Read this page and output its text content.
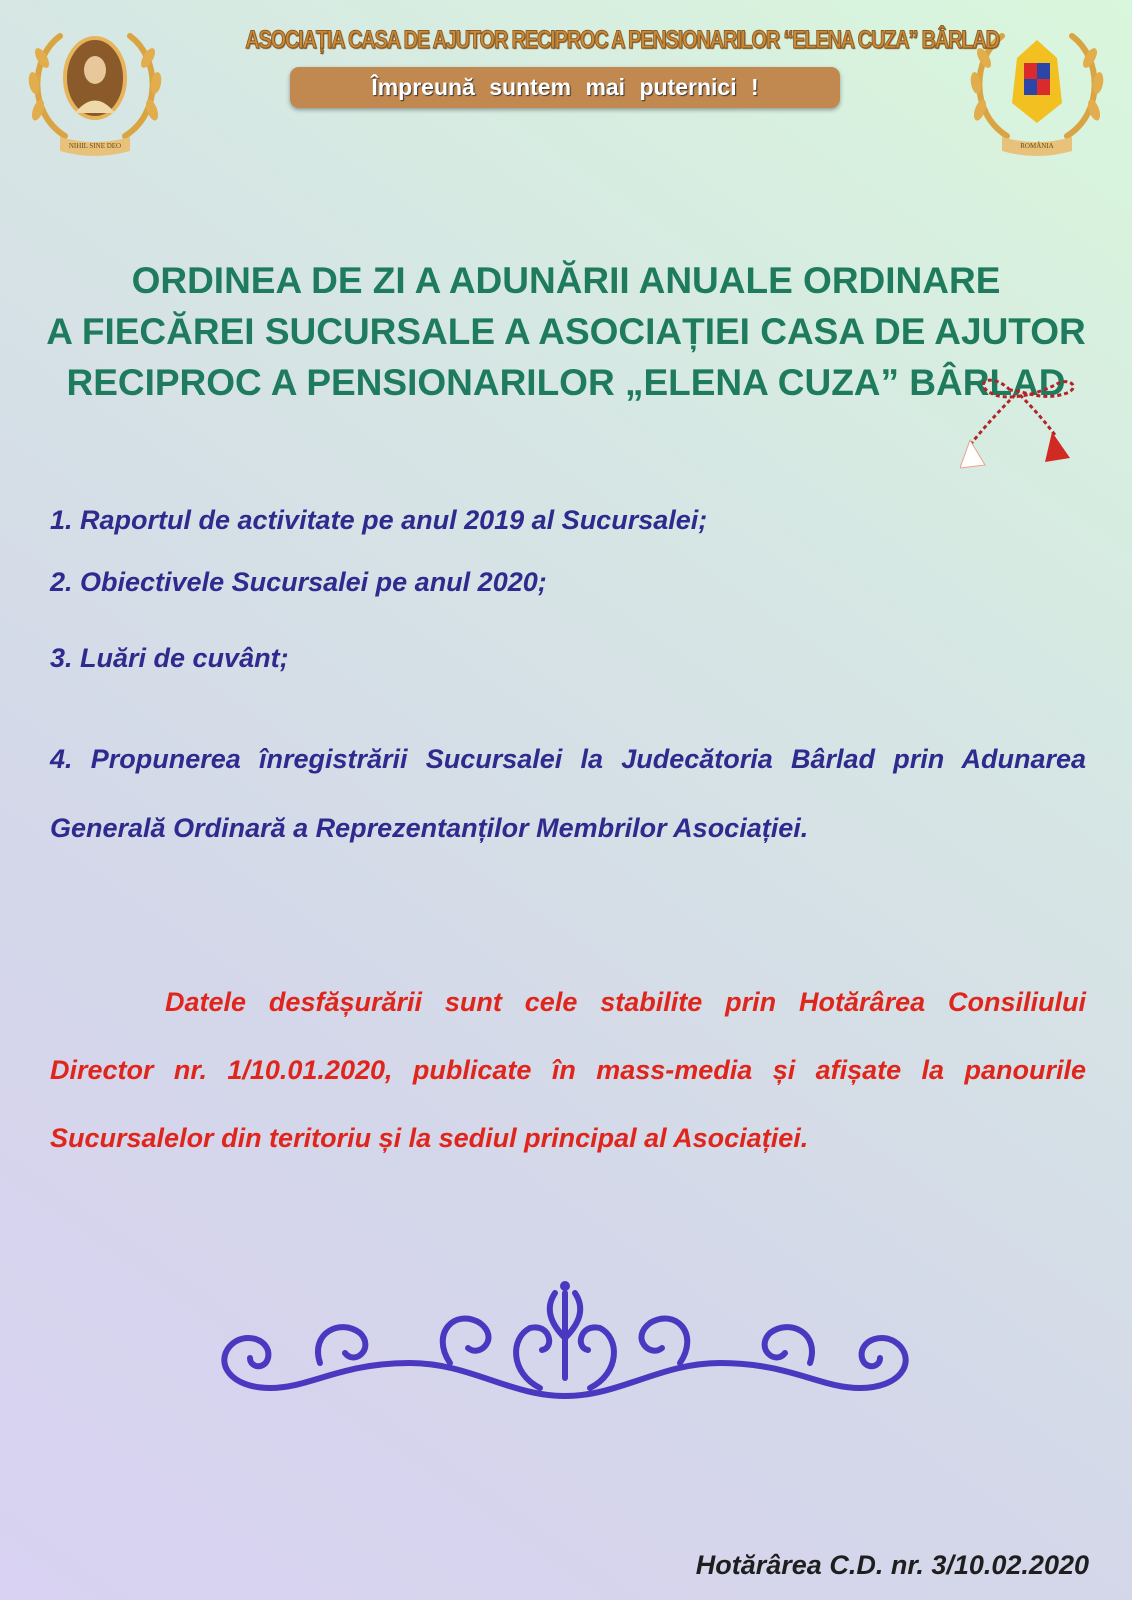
NIHIL SINE DEO	ROMÂNIA
ASOCIAȚIA CASA DE AJUTOR RECIPROC A PENSIONARILOR “ELENA CUZA” BÂRLAD
Împreună suntem mai puternici !
ORDINEA DE ZI A ADUNĂRII ANUALE ORDINARE
A FIECĂREI SUCURSALE A ASOCIAȚIEI CASA DE AJUTOR
RECIPROC A PENSIONARILOR „ELENA CUZA” BÂRLAD
1. Raportul de activitate pe anul 2019 al Sucursalei;
2. Obiectivele Sucursalei pe anul 2020;
3. Luări de cuvânt;
4. Propunerea înregistrării Sucursalei la Judecătoria Bârlad prin Adunarea Generală Ordinară a Reprezentanților Membrilor Asociației.
Datele desfășurării sunt cele stabilite prin Hotărârea Consiliului Director nr. 1/10.01.2020, publicate în mass-media și afișate la panourile Sucursalelor din teritoriu și la sediul principal al Asociației.
Hotărârea C.D. nr. 3/10.02.2020
